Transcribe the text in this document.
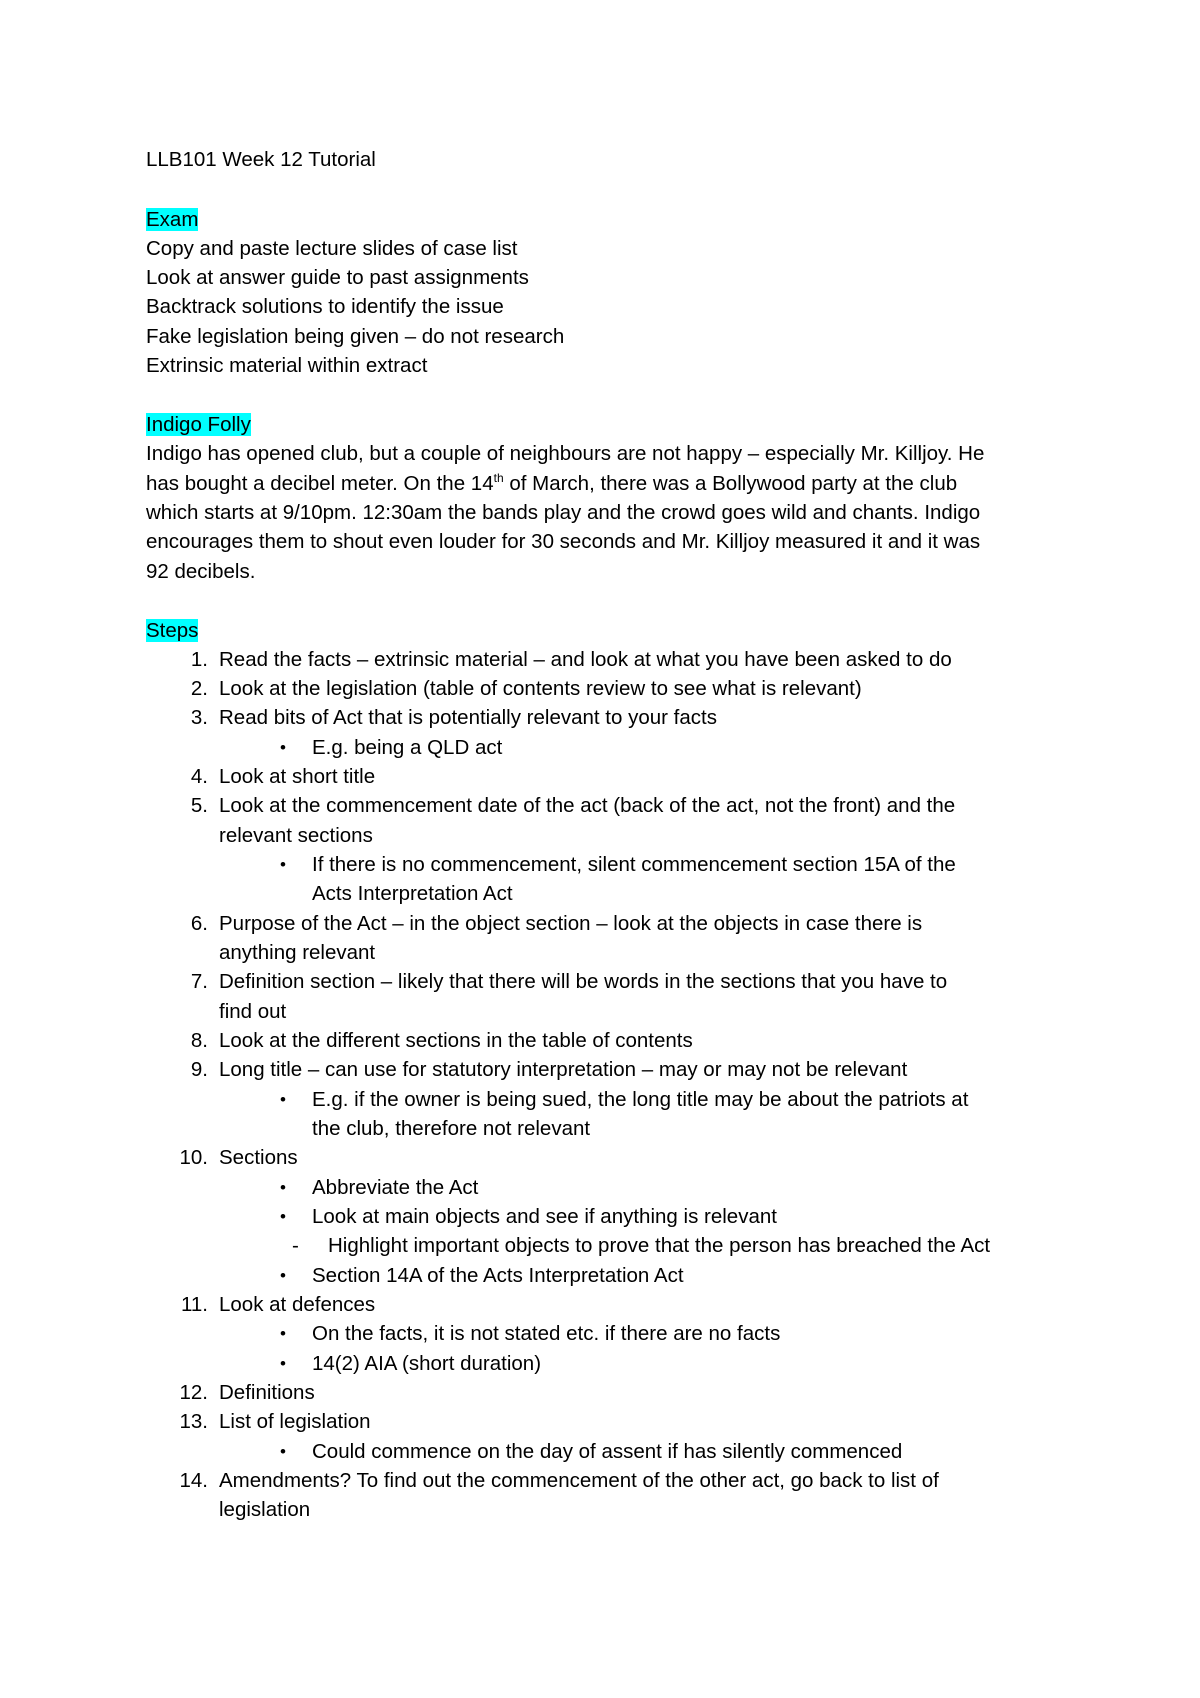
LLB101 Week 12 Tutorial
Exam
Copy and paste lecture slides of case list
Look at answer guide to past assignments
Backtrack solutions to identify the issue
Fake legislation being given – do not research
Extrinsic material within extract
Indigo Folly
Indigo has opened club, but a couple of neighbours are not happy – especially Mr. Killjoy. He
has bought a decibel meter. On the 14th of March, there was a Bollywood party at the club
which starts at 9/10pm. 12:30am the bands play and the crowd goes wild and chants. Indigo
encourages them to shout even louder for 30 seconds and Mr. Killjoy measured it and it was
92 decibels.
Steps
1. Read the facts – extrinsic material – and look at what you have been asked to do
2. Look at the legislation (table of contents review to see what is relevant)
3. Read bits of Act that is potentially relevant to your facts
• E.g. being a QLD act
4. Look at short title
5. Look at the commencement date of the act (back of the act, not the front) and the
relevant sections
• If there is no commencement, silent commencement section 15A of the
Acts Interpretation Act
6. Purpose of the Act – in the object section – look at the objects in case there is
anything relevant
7. Definition section – likely that there will be words in the sections that you have to
find out
8. Look at the different sections in the table of contents
9. Long title – can use for statutory interpretation – may or may not be relevant
• E.g. if the owner is being sued, the long title may be about the patriots at
the club, therefore not relevant
10. Sections
• Abbreviate the Act
• Look at main objects and see if anything is relevant
- Highlight important objects to prove that the person has breached the Act
• Section 14A of the Acts Interpretation Act
11. Look at defences
• On the facts, it is not stated etc. if there are no facts
• 14(2) AIA (short duration)
12. Definitions
13. List of legislation
• Could commence on the day of assent if has silently commenced
14. Amendments? To find out the commencement of the other act, go back to list of
legislation
